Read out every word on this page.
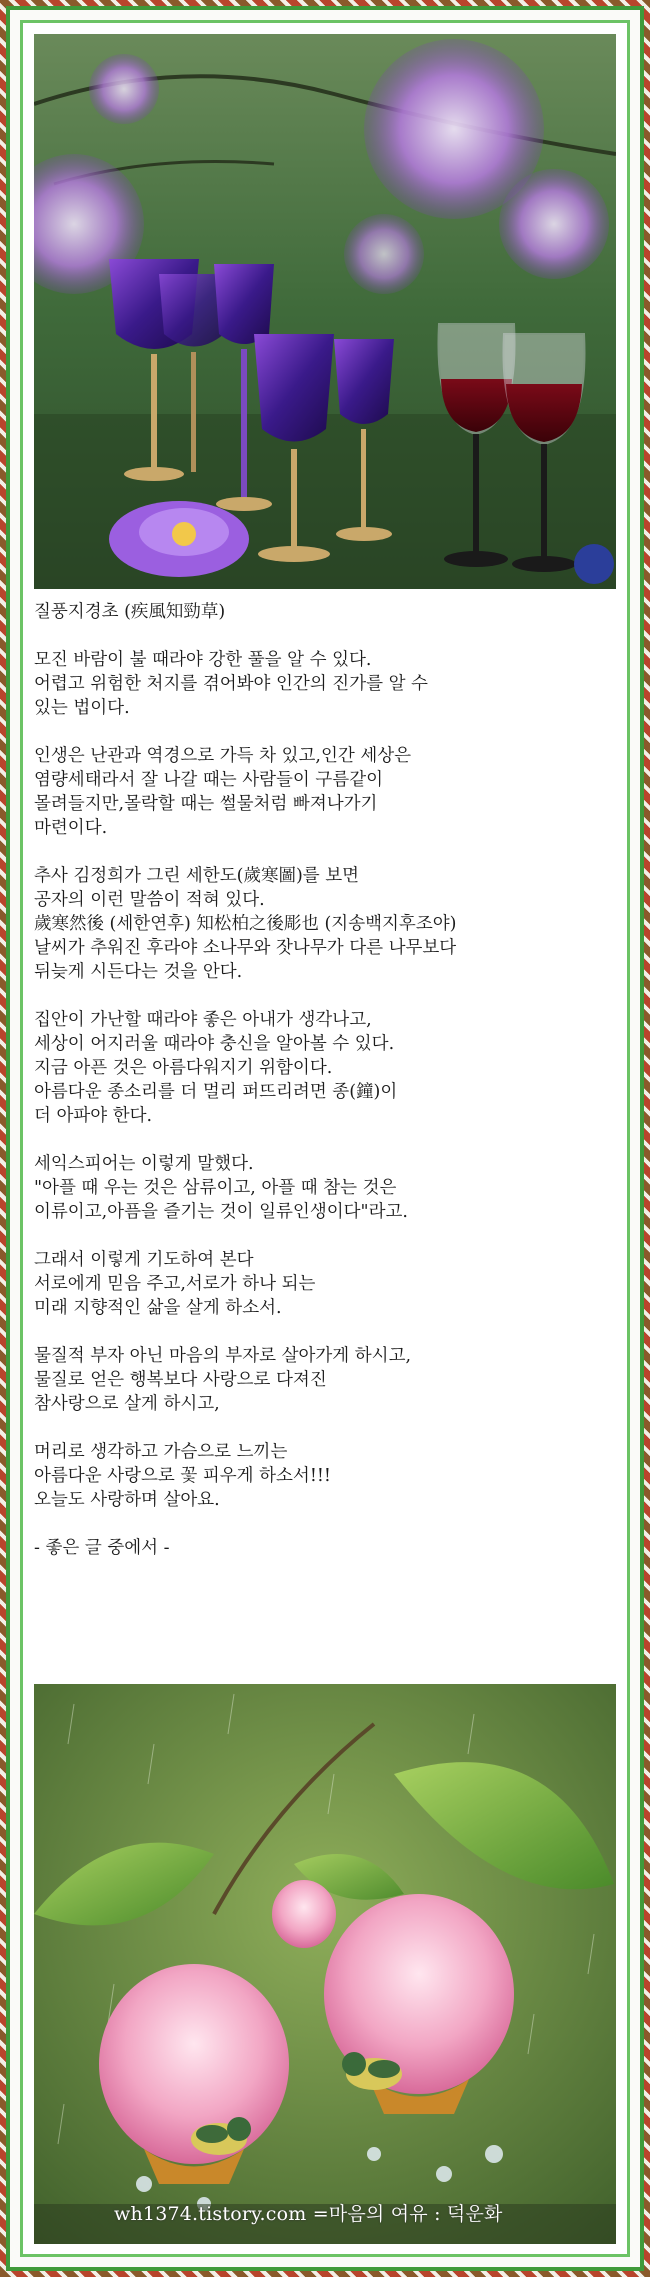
질풍지경초 (疾風知勁草)

모진 바람이 불 때라야 강한 풀을 알 수 있다.
어렵고 위험한 처지를 겪어봐야 인간의 진가를 알 수
있는 법이다.

인생은 난관과 역경으로 가득 차 있고,인간 세상은
염량세태라서 잘 나갈 때는 사람들이 구름같이
몰려들지만,몰락할 때는 썰물처럼 빠져나가기
마련이다.

추사 김정희가 그린 세한도(歲寒圖)를 보면
공자의 이런 말씀이 적혀 있다.
歲寒然後 (세한연후) 知松柏之後彫也 (지송백지후조야)
날씨가 추워진 후라야 소나무와 잣나무가 다른 나무보다
뒤늦게 시든다는 것을 안다.

집안이 가난할 때라야 좋은 아내가 생각나고,
세상이 어지러울 때라야 충신을 알아볼 수 있다.
지금 아픈 것은 아름다워지기 위함이다.
아름다운 종소리를 더 멀리 퍼뜨리려면 종(鐘)이
더 아파야 한다.

세익스피어는 이렇게 말했다.
"아플 때 우는 것은 삼류이고, 아플 때 참는 것은
이류이고,아픔을 즐기는 것이 일류인생이다"라고.

그래서 이렇게 기도하여 본다
서로에게 믿음 주고,서로가 하나 되는
미래 지향적인 삶을 살게 하소서.

물질적 부자 아닌 마음의 부자로 살아가게 하시고,
물질로 얻은 행복보다 사랑으로 다져진
참사랑으로 살게 하시고,

머리로 생각하고 가슴으로 느끼는
아름다운 사랑으로 꽃 피우게 하소서!!!
오늘도 사랑하며 살아요.

- 좋은 글 중에서 -

wh1374.tistory.com =마음의 여유 : 덕운화
